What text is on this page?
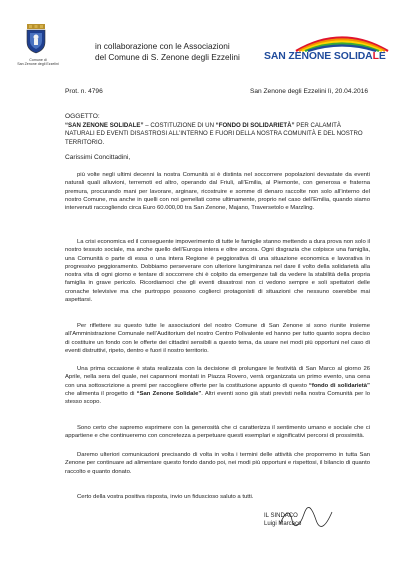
Comune di
San Zenone degli Ezzelini
in collaborazione con le Associazioni
del Comune di S. Zenone degli Ezzelini SAN ZENONE SOLIDALE
Prot. n. 4796	San Zenone degli Ezzelini lì, 20.04.2016
OGGETTO:
“SAN ZENONE SOLIDALE” – COSTITUZIONE DI UN “FONDO DI SOLIDARIETÀ” PER CALAMITÀ NATURALI ED EVENTI DISASTROSI ALL’INTERNO E FUORI DELLA NOSTRA COMUNITÀ E DEL NOSTRO TERRITORIO.
Carissimi Concittadini,

più volte negli ultimi decenni la nostra Comunità si è distinta nel soccorrere popolazioni devastate da eventi naturali quali alluvioni, terremoti ed altro, operando dal Friuli, all’Emilia, al Piemonte, con generosa e fraterna premura, procurando mani per lavorare, arginare, ricostruire e somme di denaro raccolte non solo all’interno del nostro Comune, ma anche in quelli con noi gemellati come ultimamente, proprio nel caso dell’Emilia, quando siamo intervenuti raccogliendo circa Euro 60.000,00 tra San Zenone, Majano, Traversetolo e Marzling.

La crisi economica ed il conseguente impoverimento di tutte le famiglie stanno mettendo a dura prova non solo il nostro tessuto sociale, ma anche quello dell’Europa intera e oltre ancora. Ogni disgrazia che colpisce una famiglia, una Comunità o parte di essa o una intera Regione è peggiorativa di una situazione economica e lavorativa in progressivo peggioramento. Dobbiamo perseverare con ulteriore lungimiranza nel dare il volto della solidarietà alla nostra vita di ogni giorno e tentare di soccorrere chi è colpito da emergenze tali da vedere la stabilità della propria famiglia in grave pericolo. Ricordiamoci che gli eventi disastrosi non ci vedono sempre e soli spettatori delle cronache televisive ma che purtroppo possono coglierci protagonisti di situazioni che nessuno oserebbe mai aspettarsi.

Per riflettere su questo tutte le associazioni del nostro Comune di San Zenone si sono riunite insieme all’Amministrazione Comunale nell’Auditorium del nostro Centro Polivalente ed hanno per tutto quanto sopra deciso di costituire un fondo con le offerte dei cittadini sensibili a questo tema, da usare nei modi più opportuni nel caso di eventi distruttivi, ripeto, dentro e fuori il nostro territorio.

Una prima occasione è stata realizzata con la decisione di prolungare le festività di San Marco al giorno 26 Aprile, nella sera del quale, nei capannoni montati in Piazza Rovero, verrà organizzata un primo evento, una cena con una sottoscrizione a premi per raccogliere offerte per la costituzione appunto di questo “fondo di solidarietà” che alimenta il progetto di “San Zenone Solidale”. Altri eventi sono già stati previsti nella nostra Comunità per lo stesso scopo.

Sono certo che sapremo esprimere con la generosità che ci caratterizza il sentimento umano e sociale che ci appartiene e che continueremo con concretezza a perpetuare questi esemplari e significativi percorsi di prossimità.

Daremo ulteriori comunicazioni precisando di volta in volta i termini delle attività che proporremo in tutta San Zenone per continuare ad alimentare questo fondo dando poi, nei modi più opportuni e rispettosi, il bilancio di quanto raccolto e quanto donato.

Certo della vostra positiva risposta, invio un fiduscioso saluto a tutti.

IL SINDACO
Luigi Marcaco
